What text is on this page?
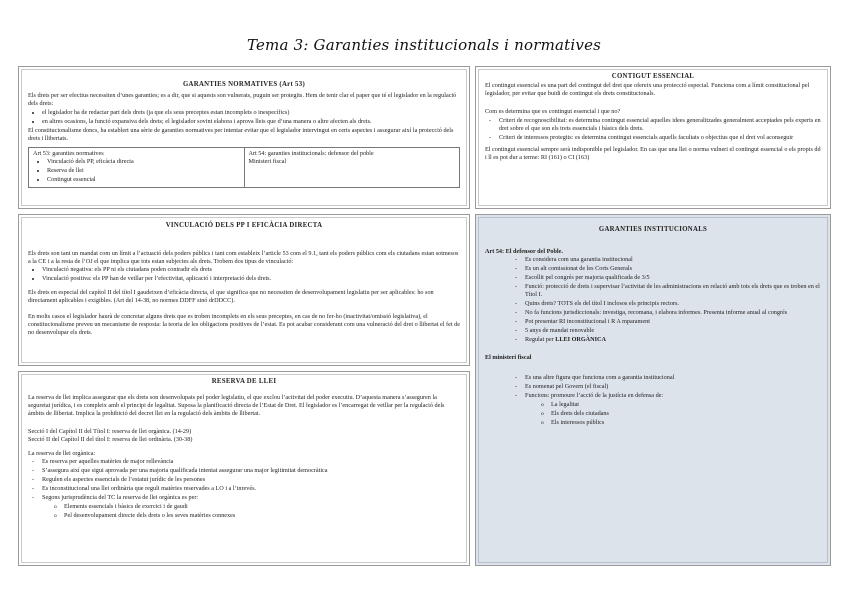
Tema 3: Garanties institucionals i normatives
GARANTIES NORMATIVES (Art 53)

Els drets per ser efectius necessiten d’unes garanties; es a dir, que si aquests son vulnerats, puguin ser protegits. Hem de tenir clar el paper que té el legislador en la regulació dels drets:

• el legislador ha de redactar part dels drets (ja que els seus preceptes estan incomplets o inespecífics)
• en altres ocasions, la funció expansiva dels drets; el legislador sovint elabora i aprova lleis que d’una manera o altre afecten als drets.

El constitucionalisme doncs, ha establert una sèrie de garanties normatives per intentar evitar que el legislador intervingui en certs aspectes i assegurar així la protecció dels drets i llibertats.

Art 53: garanties normatives
• Vinculació dels PP, eficàcia directa
• Reserva de llei
• Contingut essencial
Art 54: garanties institucionals: defensor del poble
Ministeri fiscal
CONTIGUT ESSENCIAL

El contingut essencial es una part del contingut del dret que ofereix una protecció especial. Funciona com a límit constitucional pel legislador, per evitar que buidi de contingut els drets constitucionals.

Com es determina que es contingut essencial i que no?

- Criteri de recognoscibilitat: es determina contingut essencial aquelles idees generalitzades generalment acceptades pels experts en dret sobre el que son els trets essencials i bàsics dels drets.
- Criteri de interessos protegits: es determina contingut essencials aquells facultats o objectius que el dret vol aconseguir

El contingut essencial sempre serà indisponible pel legislador. En cas que una llei o norma vulneri el contingut essencial o els propis dd i ll es pot dur a terme: RI (161) o CI (163)

VINCULACIÓ DELS PP I EFICÀCIA DIRECTA

Els drets son tant un mandat com un límit a l’actuació dels poders públics i tant com estableix l’article 53 com el 9.1, tant els poders públics com els ciutadans estan sotmesos a la CE i a la resta de l’OJ el que implica que tots estan subjectes als drets. Trobem dos tipus de vinculació:

• Vinculació negativa: els PP ni els ciutadans poden contradir els drets
• Vinculació positiva: els PP han de vetllar per l’efectivitat, aplicació i interpretació dels drets.

Els drets en especial del capítol II del títol I gaudeixen d’eficàcia directa, el que significa que no necessiten de desenvolupament legislatiu per ser aplicables: ho son directament aplicables i exigibles. (Art del 14-38, no normes DDFF sinó drDDCC).

En molts casos el legislador haurà de concretar alguns drets que es troben incomplets en els seus preceptes, en cas de no fer-ho (inactivitat/omissió legislativa), el constitucionalisme preveu un mecanisme de resposta: la teoria de les obligacions positives de l’estat. Es pot acabar considerant com una vulneració del dret o llibertat el fet de no desenvolupar els drets.

RESERVA DE LLEI

La reserva de llei implica assegurar que els drets son desenvolupats pel poder legislatiu, el que exclou l’activitat del poder executiu. D’aquesta manera s’asseguren la seguretat jurídica, i es compleix amb el principi de legalitat. Suposa la planificació directa de l’Estat de Dret. El legislador es l’encarregat de vetllar per la regulació dels àmbits de llibertat. Implica la prohibició del decret llei en la regulació dels àmbits de llibertat.

Secció I del Capítol II del Títol I: reserva de llei orgànica. (14-29)
Secció II del Capítol II del títol I: reserva de llei ordinària. (30-38)
La reserva de llei orgànica:
- Es reserva per aquelles matèries de major rellevància
- S’assegura així que sigui aprovada per una majoria qualificada intentat assegurar una major legitimitat democràtica
- Regulen els aspectes essencials de l’estatut jurídic de les persones
- Es inconstitucional una llei ordinària que reguli matèries reservades a LO i a l’inrevés.
- Segons jurisprudència del TC la reserva de llei orgànica es per:
o Elements essencials i bàsics de exercici i de gaudi
o Pel desenvolupament directe dels drets o les seves matèries connexes
GARANTIES INSTITUCIONALS
Art 54: El defensor del Poble.
- Es considera com una garantia institucional
- Es un alt comissionat de les Corts Generals
- Escollit pel congrés per majoria qualificada de 3/5
- Funció: protecció de drets i supervisar l’activitat de les administracions en relació amb tots els drets que es troben en el Títol I.
- Quins drets? TOTS els del títol I inclosos els principis rectors.
- No fa funcions jurisdiccionals: investiga, recomana, i elabora informes. Presenta informe anual al congrés
- Pot presentar RI inconstitucional i R A mparament
- 5 anys de mandat renovable
- Regulat per LLEI ORGÀNICA
El ministeri fiscal
- Es una altre figura que funciona com a garantia institucional
- Es nomenat pel Govern (el fiscal)
- Funcions: promoure l’acció de la justícia en defensa de:
o La legalitat
o Els drets dels ciutadans
o Els interessos públics
